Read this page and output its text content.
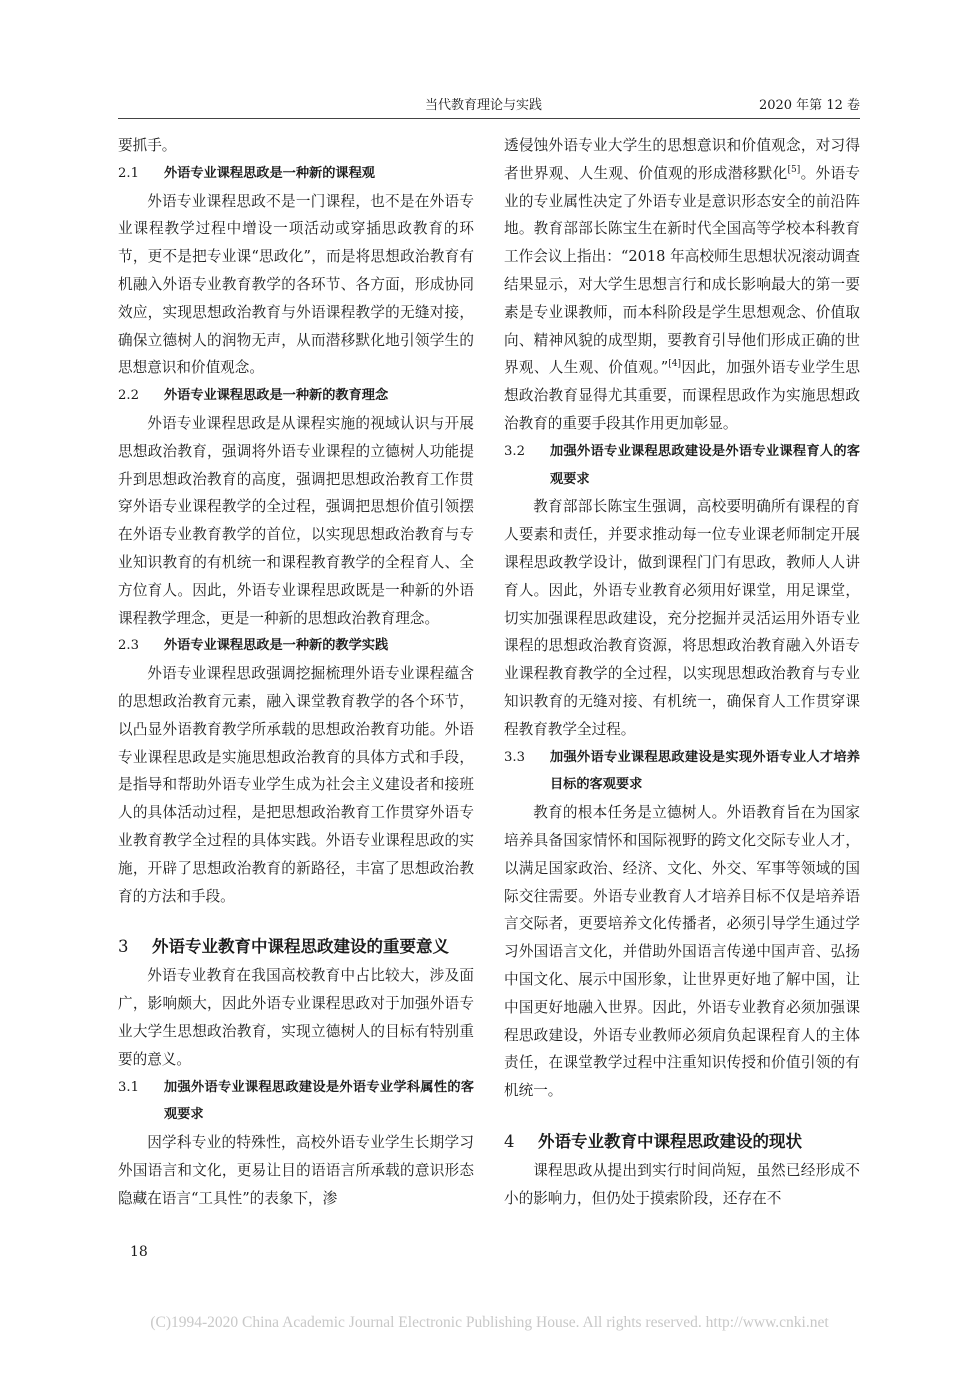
当代教育理论与实践	2020 年第 12 卷

要抓手。

2.1	外语专业课程思政是一种新的课程观

外语专业课程思政不是一门课程，也不是在外语专业课程教学过程中增设一项活动或穿插思政教育的环节，更不是把专业课“思政化”，而是将思想政治教育有机融入外语专业教育教学的各环节、各方面，形成协同效应，实现思想政治教育与外语课程教学的无缝对接，确保立德树人的润物无声，从而潜移默化地引领学生的思想意识和价值观念。

2.2	外语专业课程思政是一种新的教育理念

外语专业课程思政是从课程实施的视域认识与开展思想政治教育，强调将外语专业课程的立德树人功能提升到思想政治教育的高度，强调把思想政治教育工作贯穿外语专业课程教学的全过程，强调把思想价值引领摆在外语专业教育教学的首位，以实现思想政治教育与专业知识教育的有机统一和课程教育教学的全程育人、全方位育人。因此，外语专业课程思政既是一种新的外语课程教学理念，更是一种新的思想政治教育理念。

2.3	外语专业课程思政是一种新的教学实践

外语专业课程思政强调挖掘梳理外语专业课程蕴含的思想政治教育元素，融入课堂教育教学的各个环节，以凸显外语教育教学所承载的思想政治教育功能。外语专业课程思政是实施思想政治教育的具体方式和手段，是指导和帮助外语专业学生成为社会主义建设者和接班人的具体活动过程，是把思想政治教育工作贯穿外语专业教育教学全过程的具体实践。外语专业课程思政的实施，开辟了思想政治教育的新路径，丰富了思想政治教育的方法和手段。

3	外语专业教育中课程思政建设的重要意义

外语专业教育在我国高校教育中占比较大，涉及面广，影响颇大，因此外语专业课程思政对于加强外语专业大学生思想政治教育，实现立德树人的目标有特别重要的意义。

3.1	加强外语专业课程思政建设是外语专业学科属性的客观要求

因学科专业的特殊性，高校外语专业学生长期学习外国语言和文化，更易让目的语语言所承载的意识形态隐藏在语言“工具性”的表象下，渗

透侵蚀外语专业大学生的思想意识和价值观念，对习得者世界观、人生观、价值观的形成潜移默化[5]。外语专业的专业属性决定了外语专业是意识形态安全的前沿阵地。教育部部长陈宝生在新时代全国高等学校本科教育工作会议上指出：“2018 年高校师生思想状况滚动调查结果显示，对大学生思想言行和成长影响最大的第一要素是专业课教师，而本科阶段是学生思想观念、价值取向、精神风貌的成型期，要教育引导他们形成正确的世界观、人生观、价值观。”[4]因此，加强外语专业学生思想政治教育显得尤其重要，而课程思政作为实施思想政治教育的重要手段其作用更加彰显。

3.2	加强外语专业课程思政建设是外语专业课程育人的客观要求

教育部部长陈宝生强调，高校要明确所有课程的育人要素和责任，并要求推动每一位专业课老师制定开展课程思政教学设计，做到课程门门有思政，教师人人讲育人。因此，外语专业教育必须用好课堂，用足课堂，切实加强课程思政建设，充分挖掘并灵活运用外语专业课程的思想政治教育资源，将思想政治教育融入外语专业课程教育教学的全过程，以实现思想政治教育与专业知识教育的无缝对接、有机统一，确保育人工作贯穿课程教育教学全过程。

3.3	加强外语专业课程思政建设是实现外语专业人才培养目标的客观要求

教育的根本任务是立德树人。外语教育旨在为国家培养具备国家情怀和国际视野的跨文化交际专业人才，以满足国家政治、经济、文化、外交、军事等领域的国际交往需要。外语专业教育人才培养目标不仅是培养语言交际者，更要培养文化传播者，必须引导学生通过学习外国语言文化，并借助外国语言传递中国声音、弘扬中国文化、展示中国形象，让世界更好地了解中国，让中国更好地融入世界。因此，外语专业教育必须加强课程思政建设，外语专业教师必须肩负起课程育人的主体责任，在课堂教学过程中注重知识传授和价值引领的有机统一。

4	外语专业教育中课程思政建设的现状

课程思政从提出到实行时间尚短，虽然已经形成不小的影响力，但仍处于摸索阶段，还存在不

18
(C)1994-2020 China Academic Journal Electronic Publishing House. All rights reserved. http://www.cnki.net
